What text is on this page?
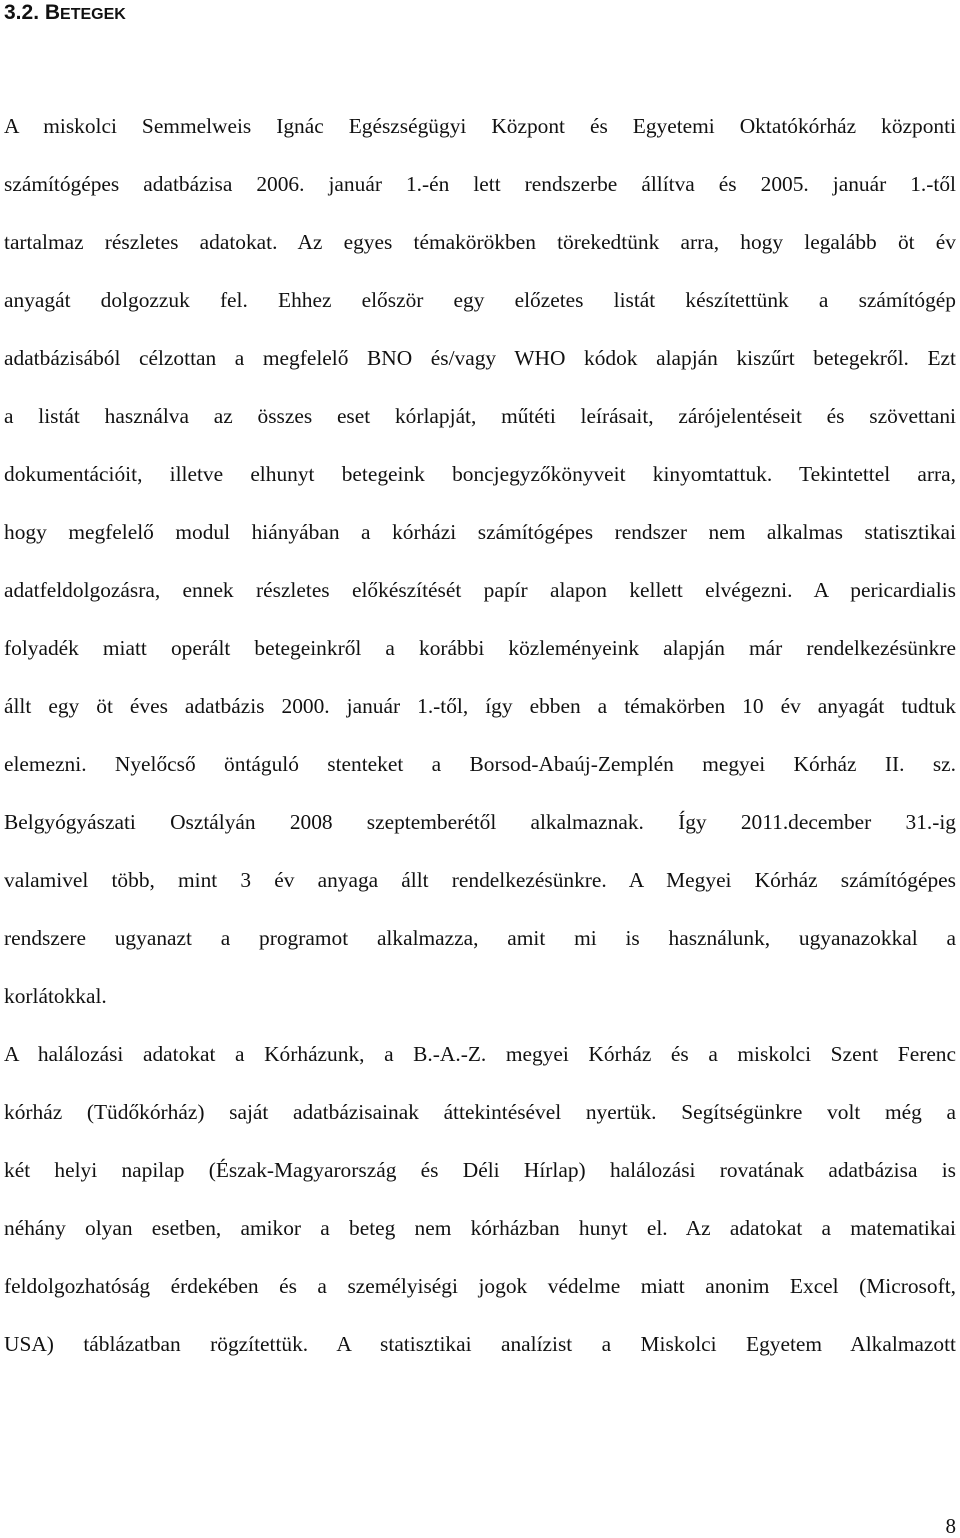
3.2. BETEGEK
A miskolci Semmelweis Ignác Egészségügyi Központ és Egyetemi Oktatókórház központi
számítógépes adatbázisa 2006. január 1.-én lett rendszerbe állítva és 2005. január 1.-től
tartalmaz részletes adatokat. Az egyes témakörökben törekedtünk arra, hogy legalább öt év
anyagát dolgozzuk fel. Ehhez először egy előzetes listát készítettünk a számítógép
adatbázisából célzottan a megfelelő BNO és/vagy WHO kódok alapján kiszűrt betegekről. Ezt
a listát használva az összes eset kórlapját, műtéti leírásait, zárójelentéseit és szövettani
dokumentációit, illetve elhunyt betegeink boncjegyzőkönyveit kinyomtattuk. Tekintettel arra,
hogy megfelelő modul hiányában a kórházi számítógépes rendszer nem alkalmas statisztikai
adatfeldolgozásra, ennek részletes előkészítését papír alapon kellett elvégezni. A pericardialis
folyadék miatt operált betegeinkről a korábbi közleményeink alapján már rendelkezésünkre
állt egy öt éves adatbázis 2000. január 1.-től, így ebben a témakörben 10 év anyagát tudtuk
elemezni. Nyelőcső öntáguló stenteket a Borsod-Abaúj-Zemplén megyei Kórház II. sz.
Belgyógyászati Osztályán 2008 szeptemberétől alkalmaznak. Így 2011.december 31.-ig
valamivel több, mint 3 év anyaga állt rendelkezésünkre. A Megyei Kórház számítógépes
rendszere ugyanazt a programot alkalmazza, amit mi is használunk, ugyanazokkal a
korlátokkal.
A halálozási adatokat a Kórházunk, a B.-A.-Z. megyei Kórház és a miskolci Szent Ferenc
kórház (Tüdőkórház) saját adatbázisainak áttekintésével nyertük. Segítségünkre volt még a
két helyi napilap (Észak-Magyarország és Déli Hírlap) halálozási rovatának adatbázisa is
néhány olyan esetben, amikor a beteg nem kórházban hunyt el. Az adatokat a matematikai
feldolgozhatóság érdekében és a személyiségi jogok védelme miatt anonim Excel (Microsoft,
USA) táblázatban rögzítettük. A statisztikai analízist a Miskolci Egyetem Alkalmazott
8
